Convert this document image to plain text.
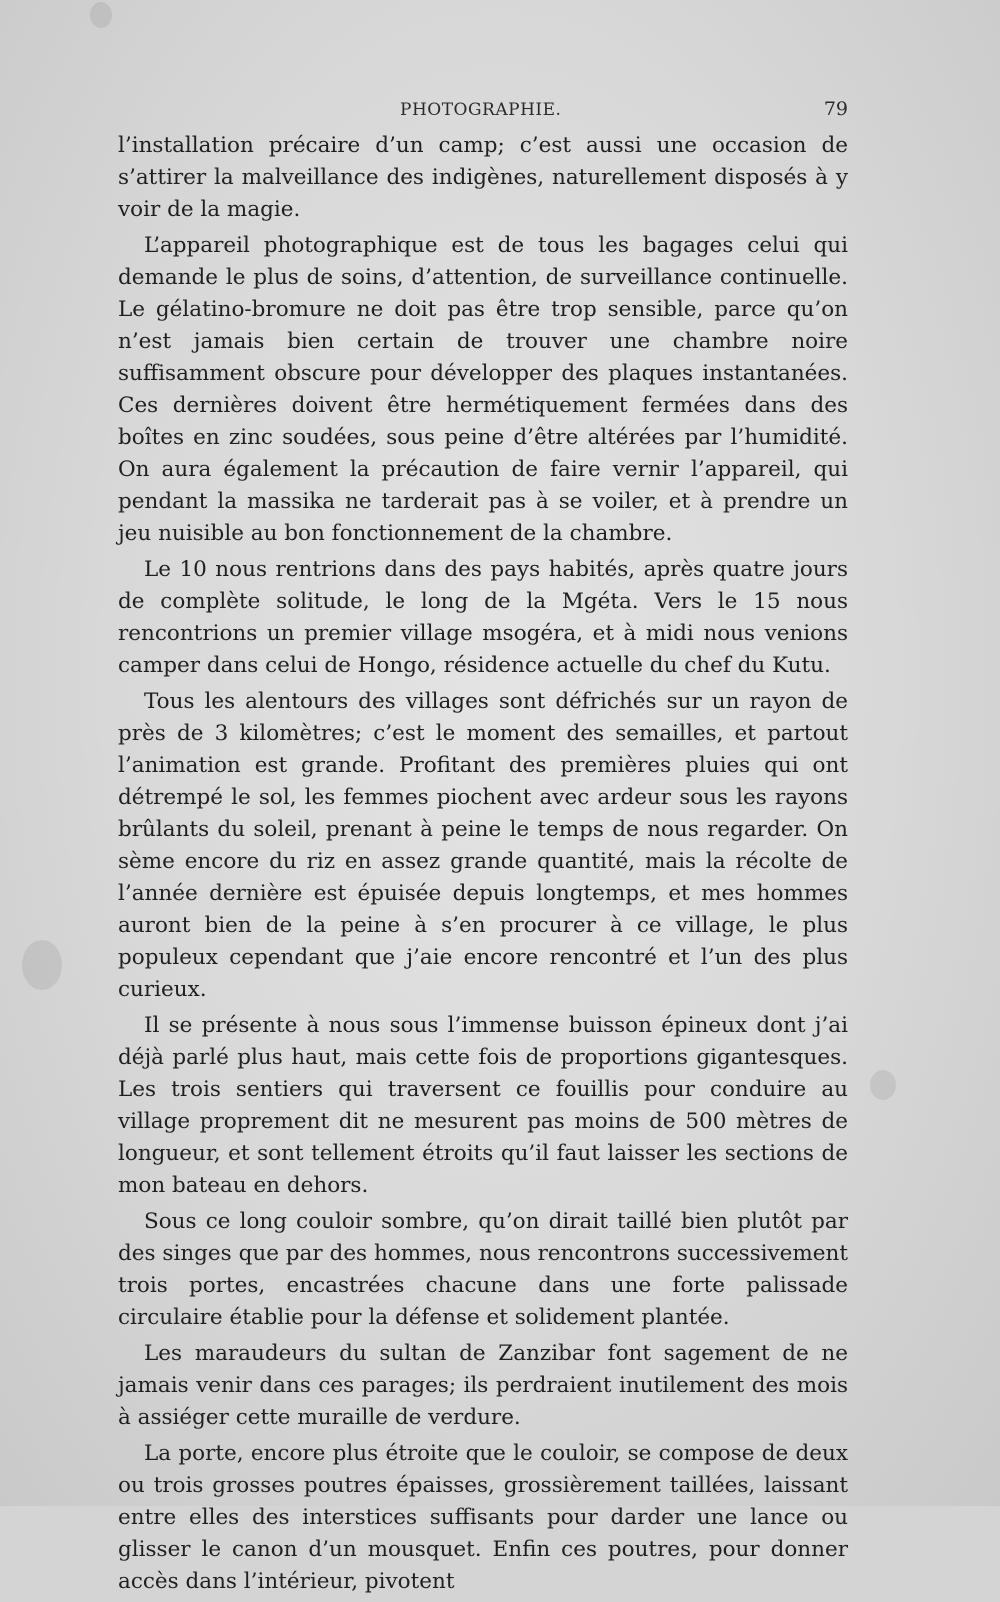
PHOTOGRAPHIE.	79

l’installation précaire d’un camp; c’est aussi une occasion de s’attirer la malveillance des indigènes, naturellement disposés à y voir de la magie.

L’appareil photographique est de tous les bagages celui qui demande le plus de soins, d’attention, de surveillance continuelle. Le gélatino-bromure ne doit pas être trop sensible, parce qu’on n’est jamais bien certain de trouver une chambre noire suffisamment obscure pour développer des plaques instantanées. Ces dernières doivent être hermétiquement fermées dans des boîtes en zinc soudées, sous peine d’être altérées par l’humidité. On aura également la précaution de faire vernir l’appareil, qui pendant la massika ne tarderait pas à se voiler, et à prendre un jeu nuisible au bon fonctionnement de la chambre.

Le 10 nous rentrions dans des pays habités, après quatre jours de complète solitude, le long de la Mgéta. Vers le 15 nous rencontrions un premier village msogéra, et à midi nous venions camper dans celui de Hongo, résidence actuelle du chef du Kutu.

Tous les alentours des villages sont défrichés sur un rayon de près de 3 kilomètres; c’est le moment des semailles, et partout l’animation est grande. Profitant des premières pluies qui ont détrempé le sol, les femmes piochent avec ardeur sous les rayons brûlants du soleil, prenant à peine le temps de nous regarder. On sème encore du riz en assez grande quantité, mais la récolte de l’année dernière est épuisée depuis longtemps, et mes hommes auront bien de la peine à s’en procurer à ce village, le plus populeux cependant que j’aie encore rencontré et l’un des plus curieux.

Il se présente à nous sous l’immense buisson épineux dont j’ai déjà parlé plus haut, mais cette fois de proportions gigantesques. Les trois sentiers qui traversent ce fouillis pour conduire au village proprement dit ne mesurent pas moins de 500 mètres de longueur, et sont tellement étroits qu’il faut laisser les sections de mon bateau en dehors.

Sous ce long couloir sombre, qu’on dirait taillé bien plutôt par des singes que par des hommes, nous rencontrons successivement trois portes, encastrées chacune dans une forte palissade circulaire établie pour la défense et solidement plantée.

Les maraudeurs du sultan de Zanzibar font sagement de ne jamais venir dans ces parages; ils perdraient inutilement des mois à assiéger cette muraille de verdure.

La porte, encore plus étroite que le couloir, se compose de deux ou trois grosses poutres épaisses, grossièrement taillées, laissant entre elles des interstices suffisants pour darder une lance ou glisser le canon d’un mousquet. Enfin ces poutres, pour donner accès dans l’intérieur, pivotent
